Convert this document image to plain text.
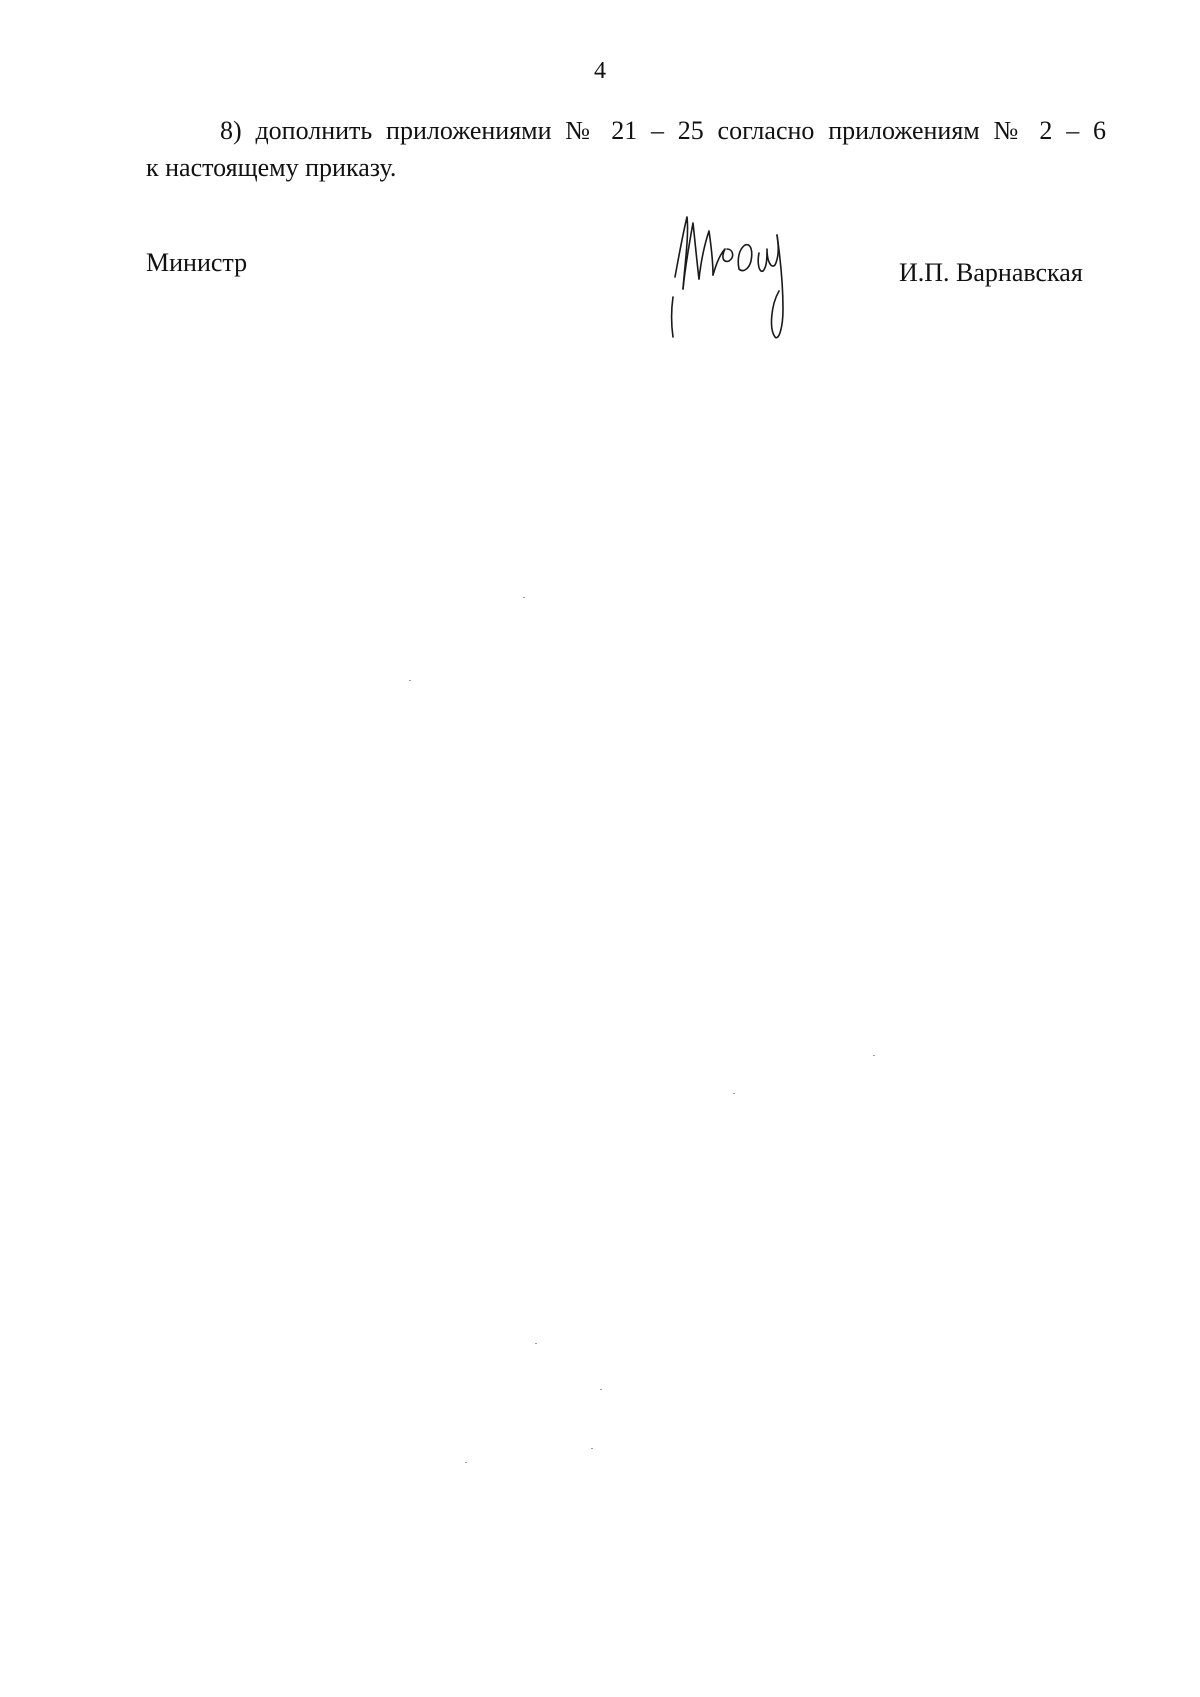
4
8) дополнить приложениями № 21 – 25 согласно приложениям № 2 – 6
к настоящему приказу.
Министр	И.П. Варнавская
